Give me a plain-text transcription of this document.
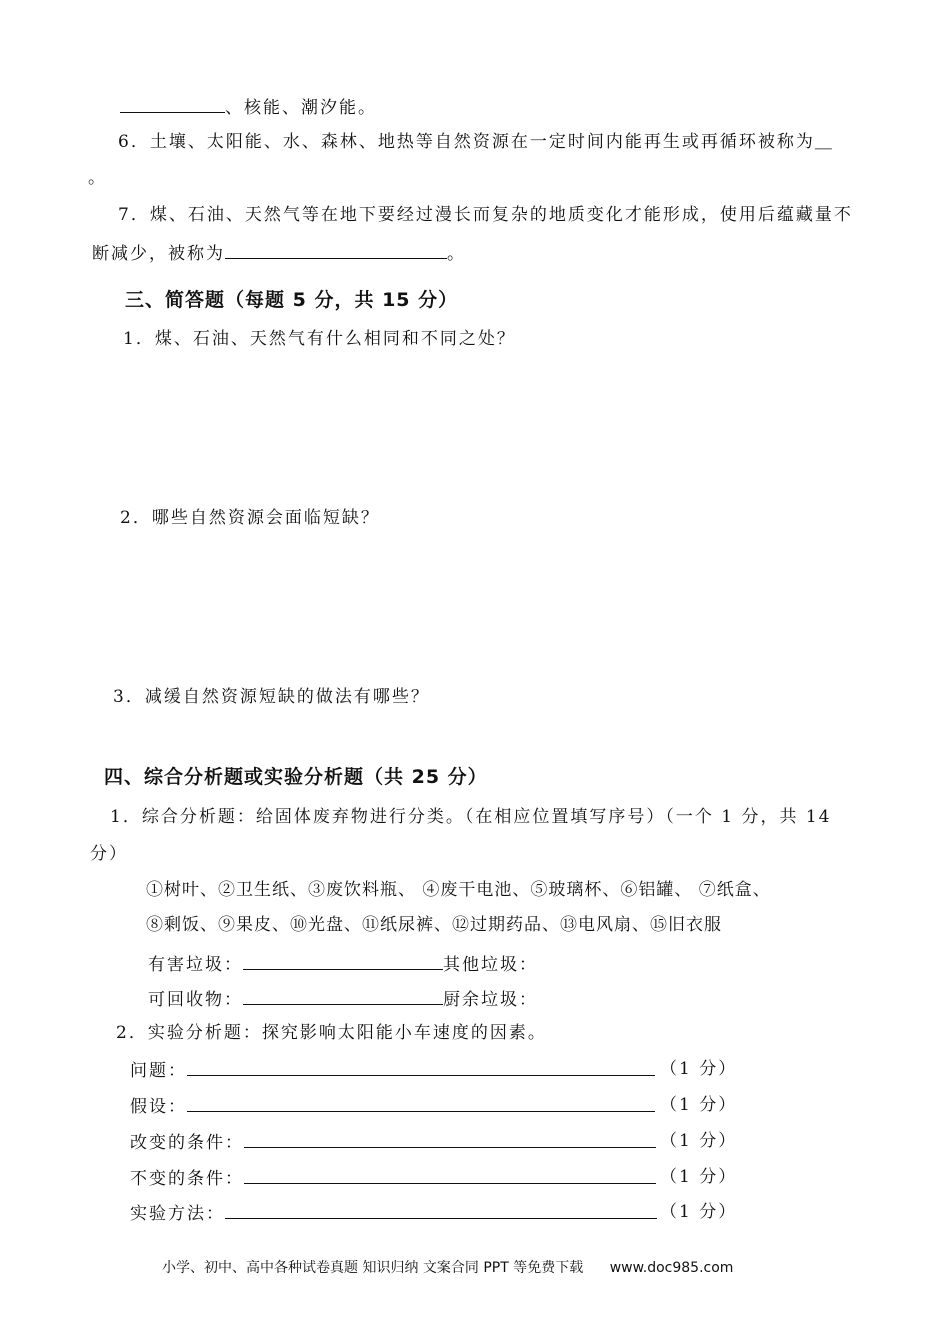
、核能、潮汐能。
6．土壤、太阳能、水、森林、地热等自然资源在一定时间内能再生或再循环被称为＿
。
7．煤、石油、天然气等在地下要经过漫长而复杂的地质变化才能形成，使用后蕴藏量不
断减少，被称为	。
三、简答题（每题 5 分，共 15 分）
1．煤、石油、天然气有什么相同和不同之处？
2．哪些自然资源会面临短缺？
3．减缓自然资源短缺的做法有哪些？
四、综合分析题或实验分析题（共 25 分）
1．综合分析题：给固体废弃物进行分类。（在相应位置填写序号）（一个 1 分，共 14
分）
①树叶、②卫生纸、③废饮料瓶、 ④废干电池、⑤玻璃杯、⑥铝罐、 ⑦纸盒、
⑧剩饭、⑨果皮、⑩光盘、⑪纸尿裤、⑫过期药品、⑬电风扇、⑮旧衣服
有害垃圾：	其他垃圾：
可回收物：	厨余垃圾：
2．实验分析题：探究影响太阳能小车速度的因素。
问题：	（1 分）
假设：	（1 分）
改变的条件：	（1 分）
不变的条件：	（1 分）
实验方法：	（1 分）
小学、初中、高中各种试卷真题 知识归纳 文案合同 PPT 等免费下载 www.doc985.com
